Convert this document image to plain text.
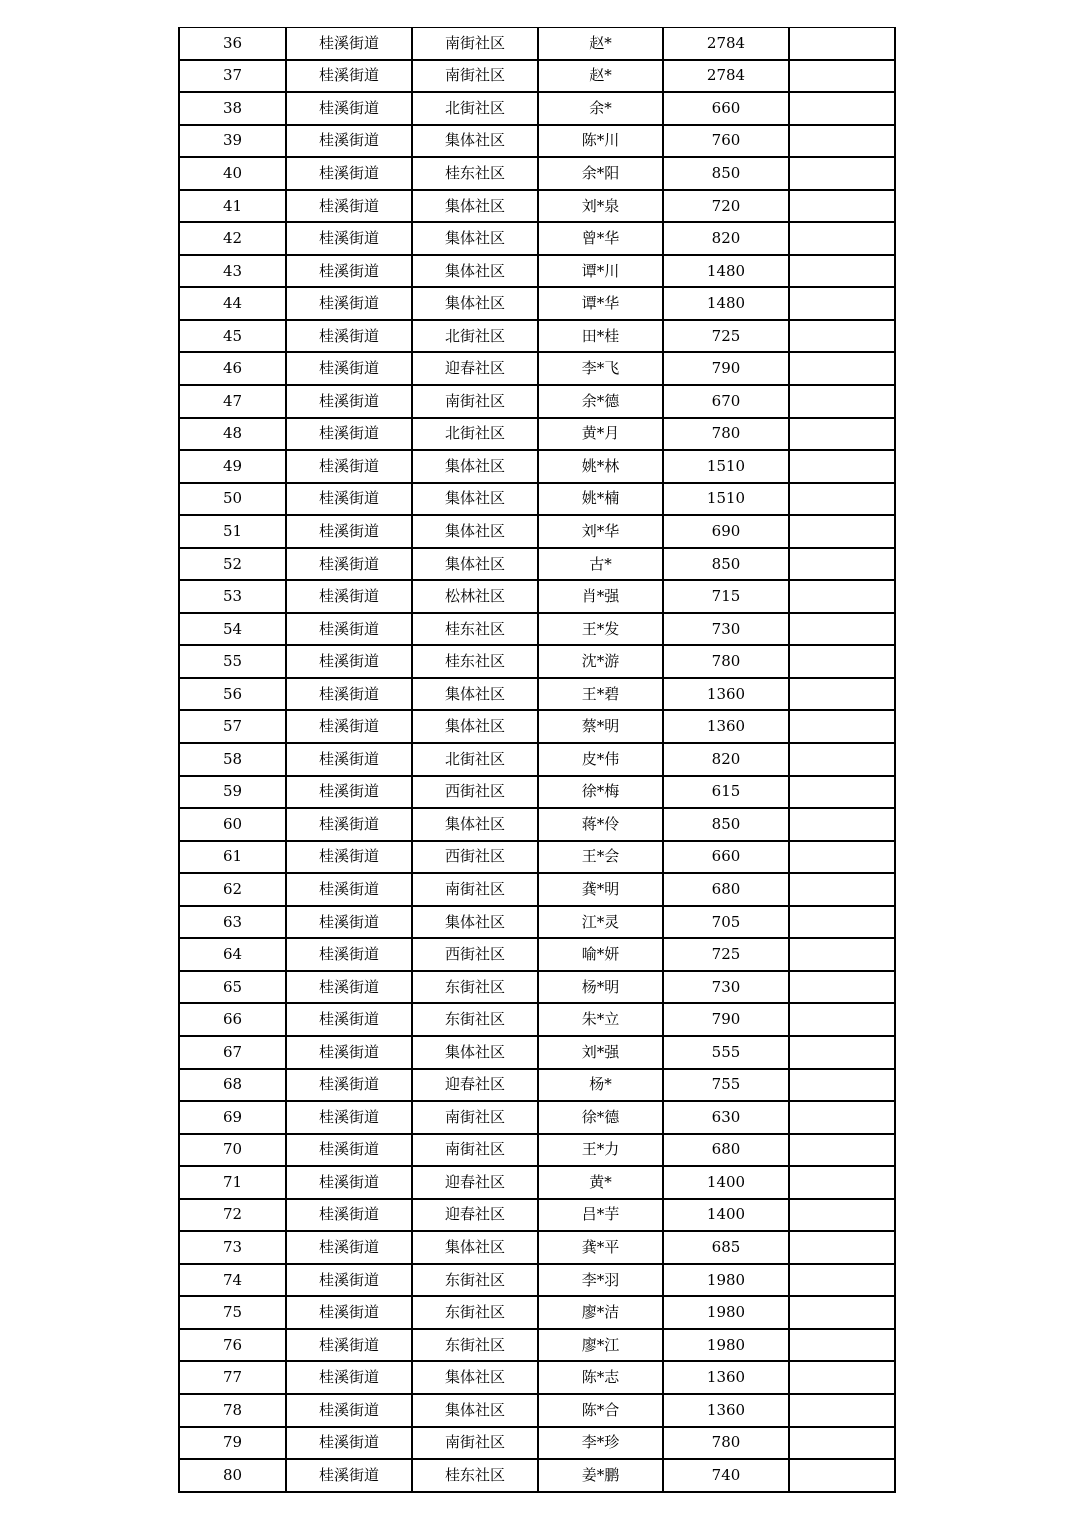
36	桂溪街道	南街社区	赵*	2784	
37	桂溪街道	南街社区	赵*	2784	
38	桂溪街道	北街社区	余*	660	
39	桂溪街道	集体社区	陈*川	760	
40	桂溪街道	桂东社区	余*阳	850	
41	桂溪街道	集体社区	刘*泉	720	
42	桂溪街道	集体社区	曾*华	820	
43	桂溪街道	集体社区	谭*川	1480	
44	桂溪街道	集体社区	谭*华	1480	
45	桂溪街道	北街社区	田*桂	725	
46	桂溪街道	迎春社区	李*飞	790	
47	桂溪街道	南街社区	余*德	670	
48	桂溪街道	北街社区	黄*月	780	
49	桂溪街道	集体社区	姚*林	1510	
50	桂溪街道	集体社区	姚*楠	1510	
51	桂溪街道	集体社区	刘*华	690	
52	桂溪街道	集体社区	古*	850	
53	桂溪街道	松林社区	肖*强	715	
54	桂溪街道	桂东社区	王*发	730	
55	桂溪街道	桂东社区	沈*游	780	
56	桂溪街道	集体社区	王*碧	1360	
57	桂溪街道	集体社区	蔡*明	1360	
58	桂溪街道	北街社区	皮*伟	820	
59	桂溪街道	西街社区	徐*梅	615	
60	桂溪街道	集体社区	蒋*伶	850	
61	桂溪街道	西街社区	王*会	660	
62	桂溪街道	南街社区	龚*明	680	
63	桂溪街道	集体社区	江*灵	705	
64	桂溪街道	西街社区	喻*妍	725	
65	桂溪街道	东街社区	杨*明	730	
66	桂溪街道	东街社区	朱*立	790	
67	桂溪街道	集体社区	刘*强	555	
68	桂溪街道	迎春社区	杨*	755	
69	桂溪街道	南街社区	徐*德	630	
70	桂溪街道	南街社区	王*力	680	
71	桂溪街道	迎春社区	黄*	1400	
72	桂溪街道	迎春社区	吕*芋	1400	
73	桂溪街道	集体社区	龚*平	685	
74	桂溪街道	东街社区	李*羽	1980	
75	桂溪街道	东街社区	廖*洁	1980	
76	桂溪街道	东街社区	廖*江	1980	
77	桂溪街道	集体社区	陈*志	1360	
78	桂溪街道	集体社区	陈*合	1360	
79	桂溪街道	南街社区	李*珍	780	
80	桂溪街道	桂东社区	姜*鹏	740	
